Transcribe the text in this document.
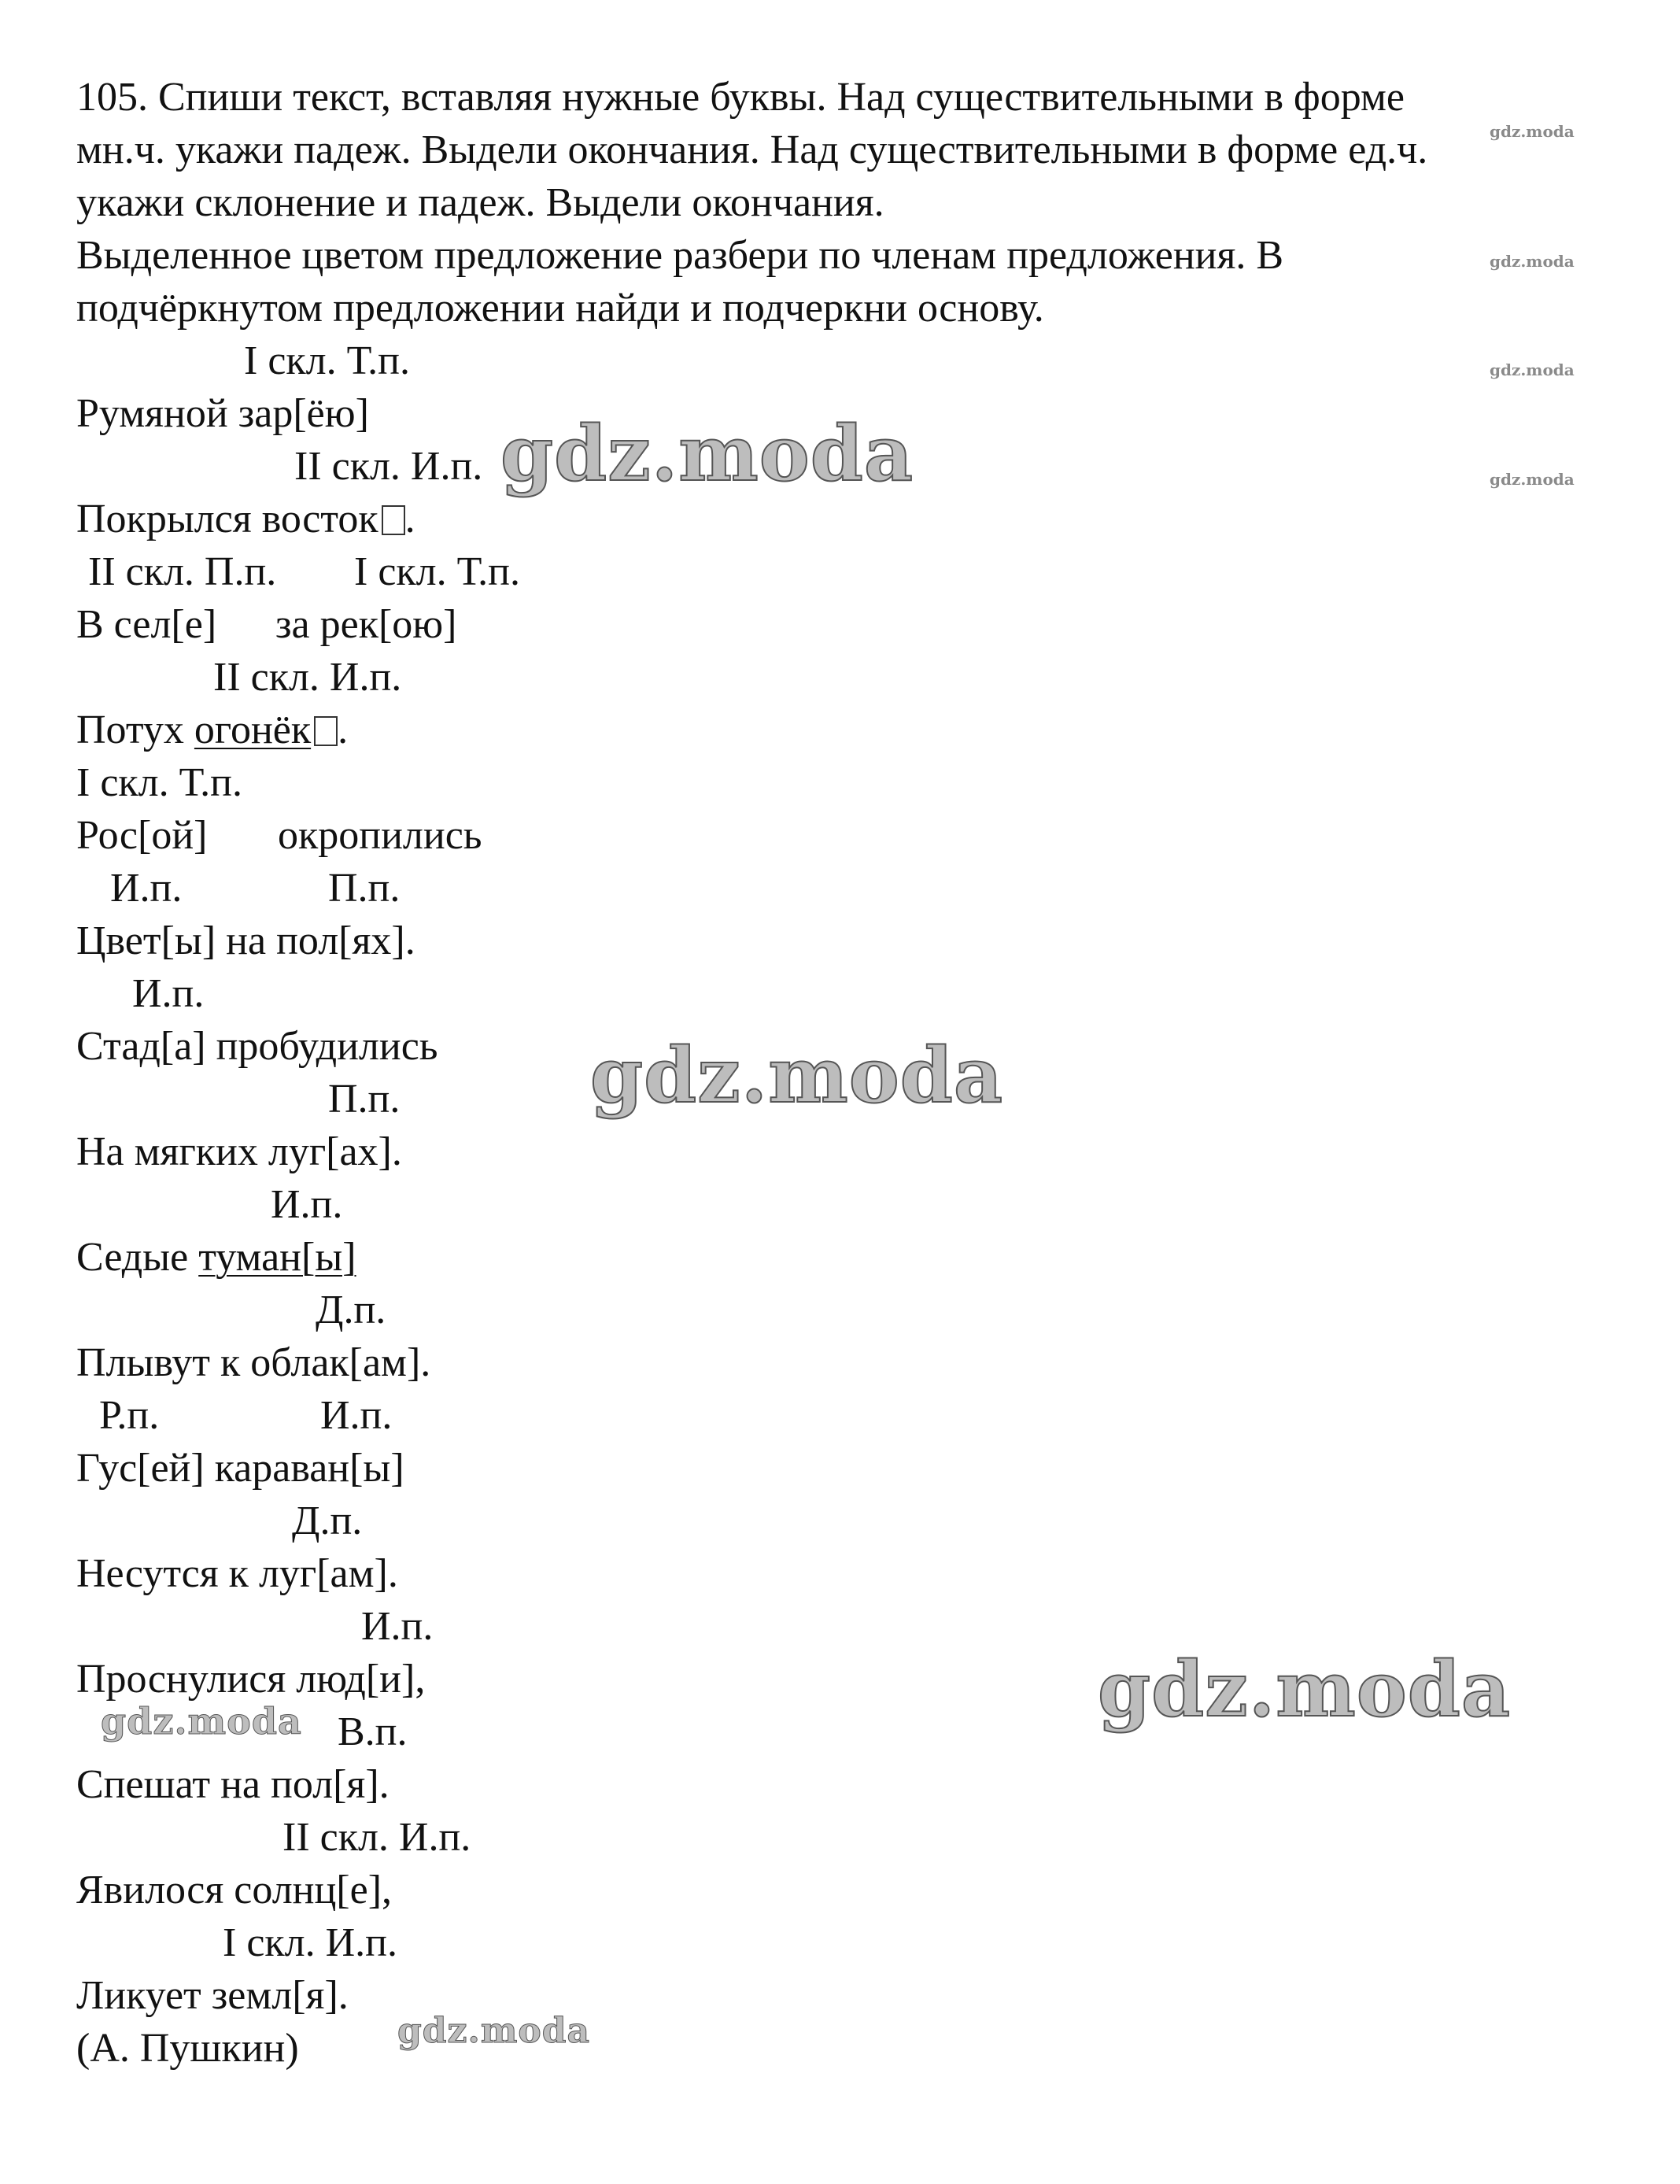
105. Спиши текст, вставляя нужные буквы. Над существительными в форме
мн.ч. укажи падеж. Выдели окончания. Над существительными в форме ед.ч.
укажи склонение и падеж. Выдели окончания.
Выделенное цветом предложение разбери по членам предложения. В
подчёркнутом предложении найди и подчеркни основу.
I скл. Т.п.
Румяной зар[ёю]
II скл. И.п.
Покрылся восток .
II скл. П.п. I скл. Т.п.
В сел[е] за рек[ою]
II скл. И.п.
Потух огонёк .
I скл. Т.п.
Рос[ой] окропились
И.п.	П.п.
Цвет[ы] на пол[ях].
И.п.
Стад[а] пробудились
П.п.
На мягких луг[ах].
И.п.
Седые туман[ы]
Д.п.
Плывут к облак[ам].
Р.п.	И.п.
Гус[ей] караван[ы]
Д.п.
Несутся к луг[ам].
И.п.
Проснулися люд[и],
В.п.
Спешат на пол[я].
II скл. И.п.
Явилося солнц[е],
I скл. И.п.
Ликует земл[я].
(А. Пушкин)
gdz.moda
gdz.moda
gdz.moda
gdz.moda
gdz.moda
gdz.moda
gdz.moda
gdz.moda
gdz.moda
